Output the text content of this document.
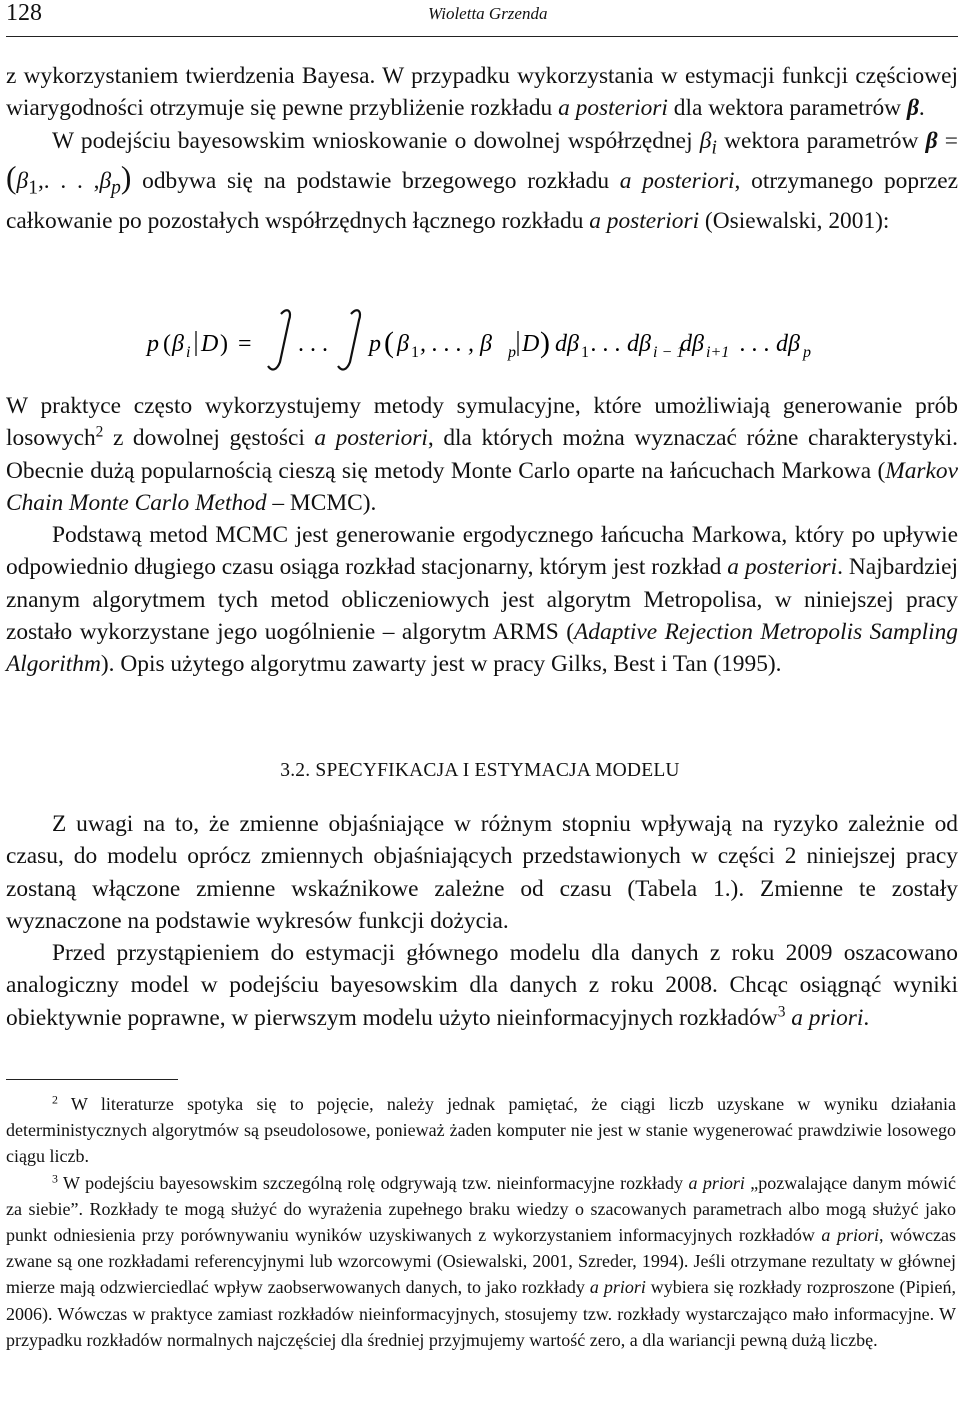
128	Wioletta Grzenda

z wykorzystaniem twierdzenia Bayesa. W przypadku wykorzystania w estymacji funkcji częściowej wiarygodności otrzymuje się pewne przybliżenie rozkładu a posteriori dla wektora parametrów β.

W podejściu bayesowskim wnioskowanie o dowolnej współrzędnej $\beta_i$ wektora parametrów $\beta = (\beta_1$,. . . $,\beta_p$) odbywa się na podstawie brzegowego rozkładu a posteriori, otrzymanego poprzez całkowanie po pozostałych współrzędnych łącznego rozkładu a posteriori (Osiewalski, 2001):

p ( β i D ) = . . . p ( β 1 , . . . , β p D ) dβ 1 . . . dβ i − 1
dβ i+1 . . . dβ p

W praktyce często wykorzystujemy metody symulacyjne, które umożliwiają generowanie prób losowych$^2$ z dowolnej gęstości a posteriori, dla których można wyznaczać różne charakterystyki. Obecnie dużą popularnością cieszą się metody Monte Carlo oparte na łańcuchach Markowa (Markov Chain Monte Carlo Method – MCMC).

Podstawą metod MCMC jest generowanie ergodycznego łańcucha Markowa, który po upływie odpowiednio długiego czasu osiąga rozkład stacjonarny, którym jest rozkład a posteriori. Najbardziej znanym algorytmem tych metod obliczeniowych jest algorytm Metropolisa, w niniejszej pracy zostało wykorzystane jego uogólnienie – algorytm ARMS (Adaptive Rejection Metropolis Sampling Algorithm). Opis użytego algorytmu zawarty jest w pracy Gilks, Best i Tan (1995).

3.2. SPECYFIKACJA I ESTYMACJA MODELU

Z uwagi na to, że zmienne objaśniające w różnym stopniu wpływają na ryzyko zależnie od czasu, do modelu oprócz zmiennych objaśniających przedstawionych w części 2 niniejszej pracy zostaną włączone zmienne wskaźnikowe zależne od czasu (Tabela 1.). Zmienne te zostały wyznaczone na podstawie wykresów funkcji dożycia.

Przed przystąpieniem do estymacji głównego modelu dla danych z roku 2009 oszacowano analogiczny model w podejściu bayesowskim dla danych z roku 2008. Chcąc osiągnąć wyniki obiektywnie poprawne, w pierwszym modelu użyto nieinformacyjnych rozkładów$^3$ a priori.

$^2$ W literaturze spotyka się to pojęcie, należy jednak pamiętać, że ciągi liczb uzyskane w wyniku działania deterministycznych algorytmów są pseudolosowe, ponieważ żaden komputer nie jest w stanie wygenerować prawdziwie losowego ciągu liczb.

$^3$ W podejściu bayesowskim szczególną rolę odgrywają tzw. nieinformacyjne rozkłady a priori „pozwalające danym mówić za siebie”. Rozkłady te mogą służyć do wyrażenia zupełnego braku wiedzy o szacowanych parametrach albo mogą służyć jako punkt odniesienia przy porównywaniu wyników uzyskiwanych z wykorzystaniem informacyjnych rozkładów a priori, wówczas zwane są one rozkładami referencyjnymi lub wzorcowymi (Osiewalski, 2001, Szreder, 1994). Jeśli otrzymane rezultaty w głównej mierze mają odzwierciedlać wpływ zaobserwowanych danych, to jako rozkłady a priori wybiera się rozkłady rozproszone (Pipień, 2006). Wówczas w praktyce zamiast rozkładów nieinformacyjnych, stosujemy tzw. rozkłady wystarczająco mało informacyjne. W przypadku rozkładów normalnych najczęściej dla średniej przyjmujemy wartość zero, a dla wariancji pewną dużą liczbę.
